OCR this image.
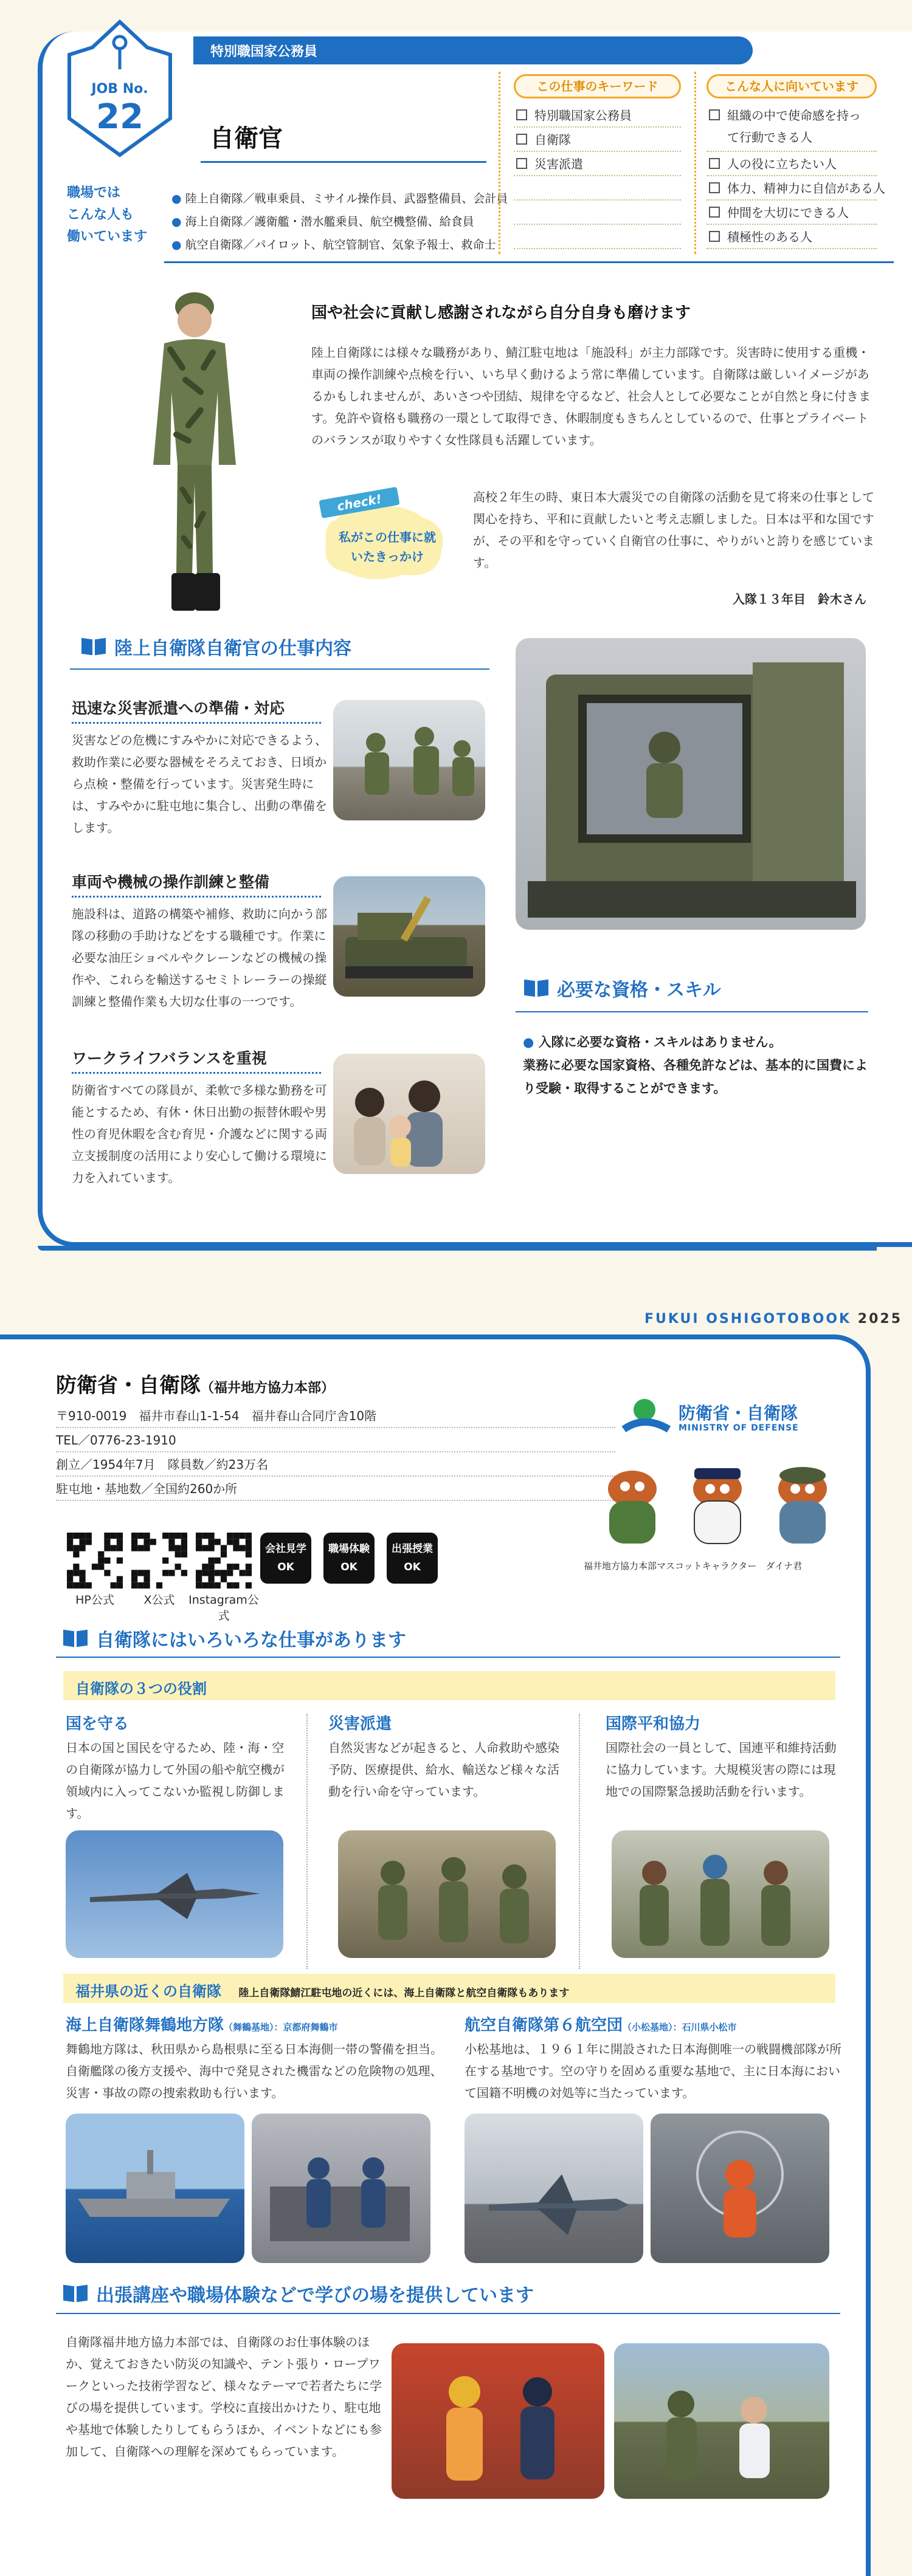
特別職国家公務員
JOB No.
22
自衛官
職場では
こんな人も
働いています
● 陸上自衛隊／戦車乗員、ミサイル操作員、武器整備員、会計員
● 海上自衛隊／護衛艦・潜水艦乗員、航空機整備、給食員
● 航空自衛隊／パイロット、航空管制官、気象予報士、救命士
この仕事のキーワード
特別職国家公務員
自衛隊
災害派遣
こんな人に向いています
組織の中で使命感を持って行動できる人
人の役に立ちたい人
体力、精神力に自信がある人
仲間を大切にできる人
積極性のある人
国や社会に貢献し感謝されながら自分自身も磨けます
陸上自衛隊には様々な職務があり、鯖江駐屯地は「施設科」が主力部隊です。災害時に使用する重機・車両の操作訓練や点検を行い、いち早く動けるよう常に準備しています。自衛隊は厳しいイメージがあるかもしれませんが、あいさつや団結、規律を守るなど、社会人として必要なことが自然と身に付きます。免許や資格も職務の一環として取得でき、休暇制度もきちんとしているので、仕事とプライベートのバランスが取りやすく女性隊員も活躍しています。
check!
私がこの仕事に就いたきっかけ
高校２年生の時、東日本大震災での自衛隊の活動を見て将来の仕事として関心を持ち、平和に貢献したいと考え志願しました。日本は平和な国ですが、その平和を守っていく自衛官の仕事に、やりがいと誇りを感じています。
入隊１３年目　鈴木さん
陸上自衛隊自衛官の仕事内容
迅速な災害派遣への準備・対応
災害などの危機にすみやかに対応できるよう、救助作業に必要な器械をそろえておき、日頃から点検・整備を行っています。災害発生時には、すみやかに駐屯地に集合し、出動の準備をします。
車両や機械の操作訓練と整備
施設科は、道路の構築や補修、救助に向かう部隊の移動の手助けなどをする職種です。作業に必要な油圧ショベルやクレーンなどの機械の操作や、これらを輸送するセミトレーラーの操縦訓練と整備作業も大切な仕事の一つです。
ワークライフバランスを重視
防衛省すべての隊員が、柔軟で多様な勤務を可能とするため、有休・休日出勤の振替休暇や男性の育児休暇を含む育児・介護などに関する両立支援制度の活用により安心して働ける環境に力を入れています。
必要な資格・スキル
● 入隊に必要な資格・スキルはありません。
業務に必要な国家資格、各種免許などは、基本的に国費により受験・取得することができます。
FUKUI OSHIGOTOBOOK 2025
防衛省・自衛隊（福井地方協力本部）
〒910-0019　福井市春山1-1-54　福井春山合同庁舎10階
TEL／0776-23-1910
創立／1954年7月　隊員数／約23万名
駐屯地・基地数／全国約260か所
防衛省・自衛隊
MINISTRY OF DEFENSE
福井地方協力本部マスコットキャラクター　ダイナ君
HP公式	X公式	Instagram公式
会社見学
OK
職場体験
OK
出張授業
OK
自衛隊にはいろいろな仕事があります
自衛隊の３つの役割
国を守る
日本の国と国民を守るため、陸・海・空の自衛隊が協力して外国の船や航空機が領域内に入ってこないか監視し防御します。
災害派遣
自然災害などが起きると、人命救助や感染予防、医療提供、給水、輸送など様々な活動を行い命を守っています。
国際平和協力
国際社会の一員として、国連平和維持活動に協力しています。大規模災害の際には現地での国際緊急援助活動を行います。
福井県の近くの自衛隊 陸上自衛隊鯖江駐屯地の近くには、海上自衛隊と航空自衛隊もあります
海上自衛隊舞鶴地方隊（舞鶴基地）：京都府舞鶴市
舞鶴地方隊は、秋田県から島根県に至る日本海側一帯の警備を担当。自衛艦隊の後方支援や、海中で発見された機雷などの危険物の処理、災害・事故の際の捜索救助も行います。
航空自衛隊第６航空団（小松基地）：石川県小松市
小松基地は、１９６１年に開設された日本海側唯一の戦闘機部隊が所在する基地です。空の守りを固める重要な基地で、主に日本海において国籍不明機の対処等に当たっています。
出張講座や職場体験などで学びの場を提供しています
自衛隊福井地方協力本部では、自衛隊のお仕事体験のほか、覚えておきたい防災の知識や、テント張り・ロープワークといった技術学習など、様々なテーマで若者たちに学びの場を提供しています。学校に直接出かけたり、駐屯地や基地で体験したりしてもらうほか、イベントなどにも参加して、自衛隊への理解を深めてもらっています。
